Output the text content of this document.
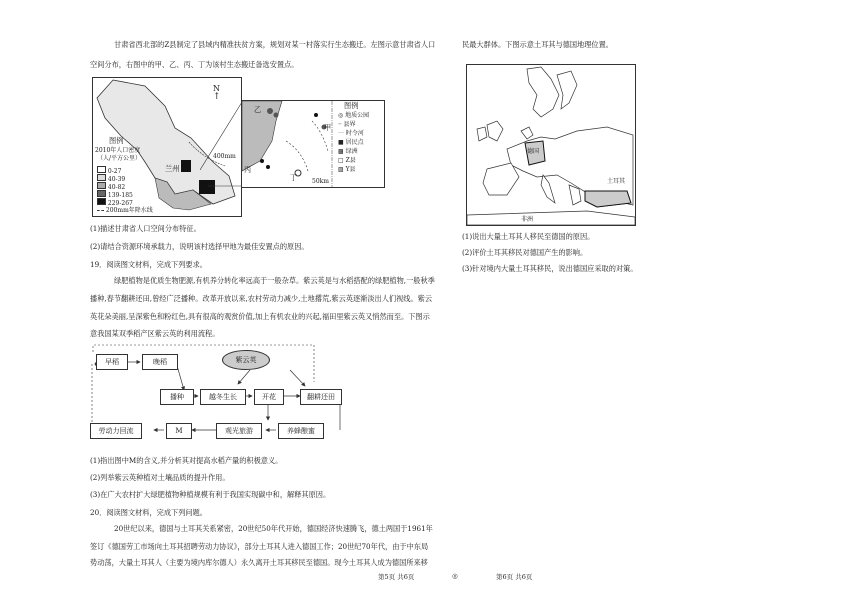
甘肃省西北部的Z县制定了县域内精准扶贫方案，规划对某一村落实行生态搬迁。左图示意甘肃省人口
空间分布，右图中的甲、乙、丙、丁为该村生态搬迁备选安置点。
N
↑
图例
2010年人口密度
（人/平方公里）
0-27
40-39
40-82
139-185
229-267
200mm年降水线
兰州
400mm
乙
甲
丙
丁 50km
图例
◎ 地质公园
┈ 县界
⋯ 时令河
■ 居民点
▩ 绿洲
□ Z县
▨ Y县
(1)描述甘肃省人口空间分布特征。
(2)请结合资源环境承载力，说明该村选择甲地为最佳安置点的原因。
19．阅读图文材料，完成下列要求。
绿肥植物是优质生物肥源,有机养分转化率远高于一般杂草。紫云英是与水稻搭配的绿肥植物,一般秋季
播种,春节翻耕还田,曾经广泛播种。改革开放以来,农村劳动力减少,土地撂荒,紫云英逐渐淡出人们视线。紫云
英花朵美丽,呈深紫色和粉红色,具有很高的观赏价值,加上有机农业的兴起,福田里紫云英又悄然而至。下图示
意我国某双季稻产区紫云英的利用流程。
早稻	晚稻	紫云英
播种	越冬生长	开花	翻耕还田
劳动力回流	M	观光旅游	养蜂酿蜜
(1)指出图中M的含义,并分析其对提高水稻产量的积极意义。
(2)列举紫云英种植对土壤品质的提升作用。
(3)在广大农村扩大绿肥植物种植规模有利于我国实现碳中和，解释其原因。
20．阅读图文材料，完成下列问题。
20世纪以来，德国与土耳其关系紧密，20世纪50年代开始，德国经济快速腾飞，德土两国于1961年
签订《德国劳工市场向土耳其招聘劳动力协议》，部分土耳其人进入德国工作；20世纪70年代，由于中东局
势动荡，大量土耳其人（主要为境内库尔德人）永久离开土耳其移民至德国。现今土耳其人成为德国所来移
第5页 共6页	◎
民最大群体。下图示意土耳其与德国地理位置。
德国
土耳其
非洲
(1)说出大量土耳其人移民至德国的原因。
(2)评价土耳其移民对德国产生的影响。
(3)针对境内大量土耳其移民，说出德国应采取的对策。
第6页 共6页
